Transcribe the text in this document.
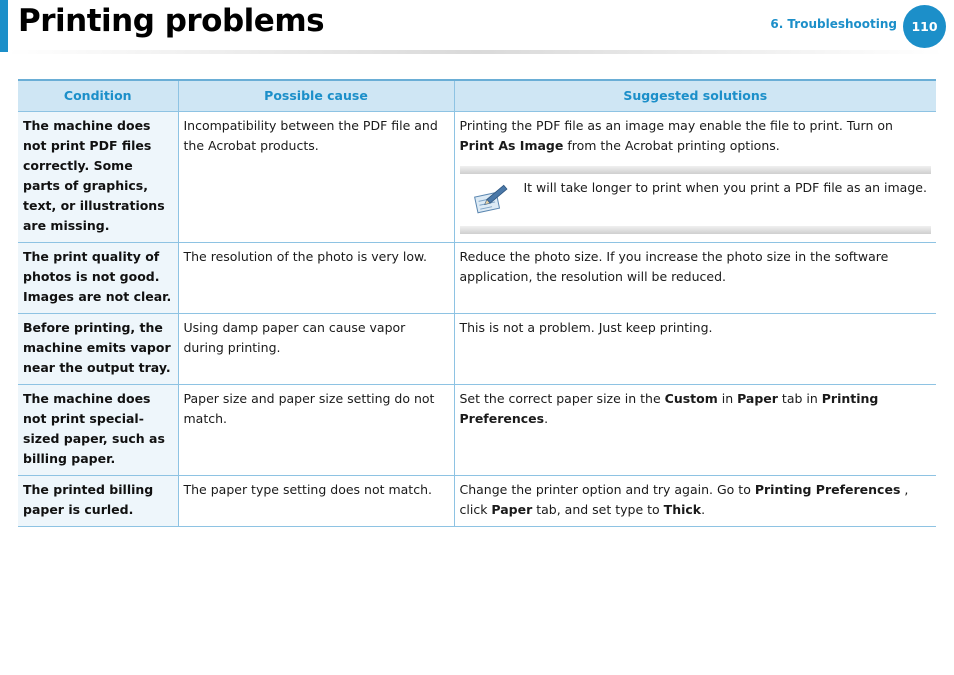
Printing problems	6. Troubleshooting	110
Condition	Possible cause	Suggested solutions
The machine does not print PDF files correctly. Some parts of graphics, text, or illustrations are missing.	Incompatibility between the PDF file and the Acrobat products.	Printing the PDF file as an image may enable the file to print. Turn on Print As Image from the Acrobat printing options.
It will take longer to print when you print a PDF file as an image.

The print quality of photos is not good. Images are not clear.	The resolution of the photo is very low.	Reduce the photo size. If you increase the photo size in the software application, the resolution will be reduced.
Before printing, the machine emits vapor near the output tray.	Using damp paper can cause vapor during printing.	This is not a problem. Just keep printing.
The machine does not print special-sized paper, such as billing paper.	Paper size and paper size setting do not match.	Set the correct paper size in the Custom in Paper tab in Printing Preferences.
The printed billing paper is curled.	The paper type setting does not match.	Change the printer option and try again. Go to Printing Preferences , click Paper tab, and set type to Thick.
